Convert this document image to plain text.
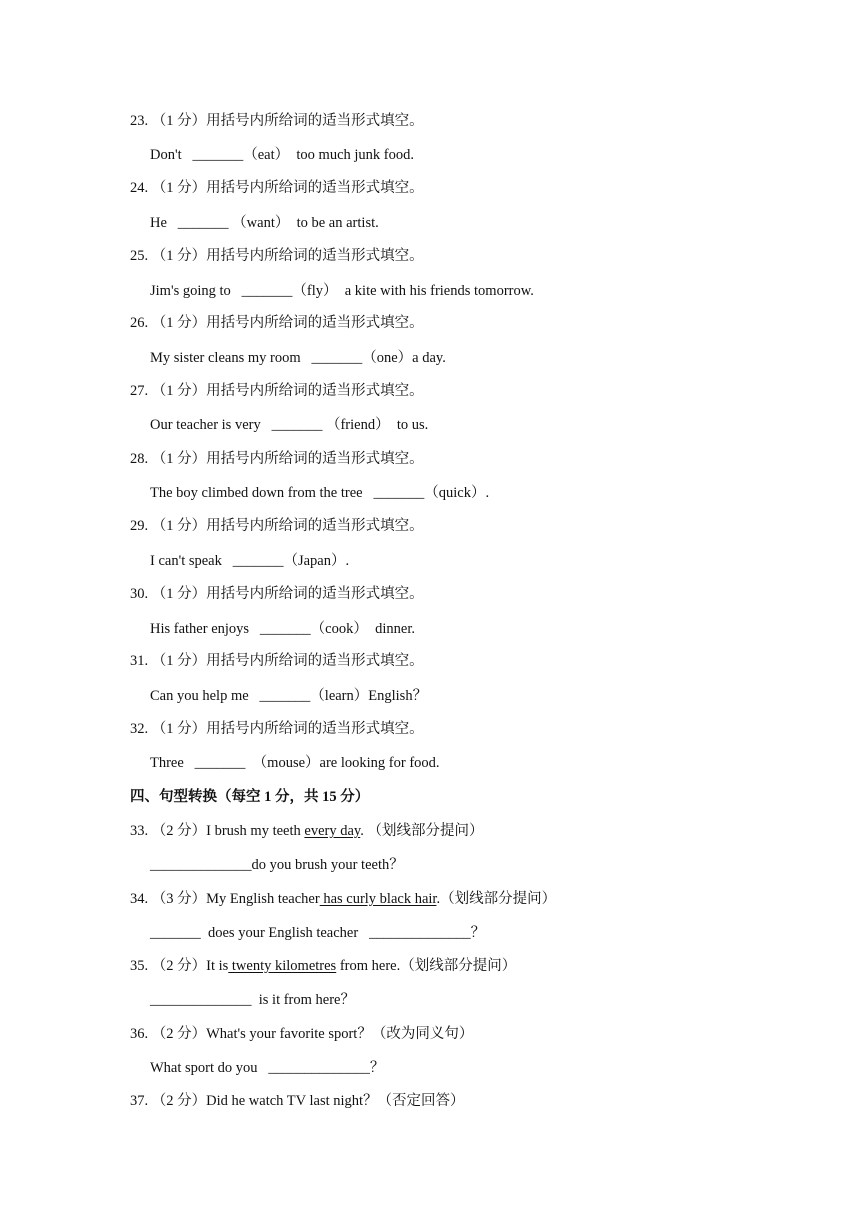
23. （1 分）用括号内所给词的适当形式填空。
Don't   _______（eat）  too much junk food.
24. （1 分）用括号内所给词的适当形式填空。
He   _______ （want）  to be an artist.
25. （1 分）用括号内所给词的适当形式填空。
Jim's going to   _______（fly）  a kite with his friends tomorrow.
26. （1 分）用括号内所给词的适当形式填空。
My sister cleans my room   _______（one）a day.
27. （1 分）用括号内所给词的适当形式填空。
Our teacher is very   _______ （friend）  to us.
28. （1 分）用括号内所给词的适当形式填空。
The boy climbed down from the tree   _______（quick）.
29. （1 分）用括号内所给词的适当形式填空。
I can't speak   _______（Japan）.
30. （1 分）用括号内所给词的适当形式填空。
His father enjoys   _______（cook）  dinner.
31. （1 分）用括号内所给词的适当形式填空。
Can you help me   _______（learn）English？
32. （1 分）用括号内所给词的适当形式填空。
Three   _______  （mouse）are looking for food.
四、句型转换（每空 1 分，共 15 分）
33. （2 分）I brush my teeth every day. （划线部分提问）
______________do you brush your teeth？
34. （3 分）My English teacher has curly black hair.（划线部分提问）
_______  does your English teacher   ______________？
35. （2 分）It is twenty kilometres from here.（划线部分提问）
______________  is it from here？
36. （2 分）What's your favorite sport？（改为同义句）
What sport do you   ______________？
37. （2 分）Did he watch TV last night？（否定回答）
